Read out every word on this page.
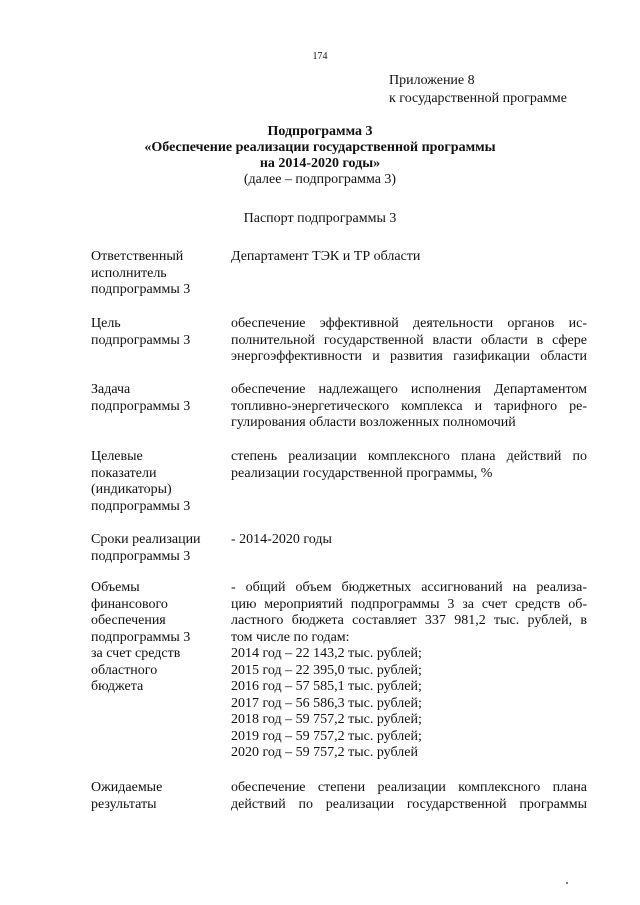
174
Приложение 8
к государственной программе
Подпрограмма 3
«Обеспечение реализации государственной программы
на 2014-2020 годы»
(далее – подпрограмма 3)
Паспорт подпрограммы 3
Ответственный
исполнитель
подпрограммы 3
Департамент ТЭК и ТР области
Цель
подпрограммы 3
обеспечение эффективной деятельности органов ис-
полнительной государственной власти области в сфере
энергоэффективности и развития газификации области
Задача
подпрограммы 3
обеспечение надлежащего исполнения Департаментом
топливно-энергетического комплекса и тарифного ре-
гулирования области возложенных полномочий
Целевые
показатели
(индикаторы)
подпрограммы 3
степень реализации комплексного плана действий по
реализации государственной программы, %
Сроки реализации
подпрограммы 3
- 2014-2020 годы
Объемы
финансового
обеспечения
подпрограммы 3
за счет средств
областного
бюджета
- общий объем бюджетных ассигнований на реализа-
цию мероприятий подпрограммы 3 за счет средств об-
ластного бюджета составляет 337 981,2 тыс. рублей, в
том числе по годам:
2014 год – 22 143,2 тыс. рублей;
2015 год – 22 395,0 тыс. рублей;
2016 год – 57 585,1 тыс. рублей;
2017 год – 56 586,3 тыс. рублей;
2018 год – 59 757,2 тыс. рублей;
2019 год – 59 757,2 тыс. рублей;
2020 год – 59 757,2 тыс. рублей
Ожидаемые
результаты
обеспечение степени реализации комплексного плана
действий по реализации государственной программы
